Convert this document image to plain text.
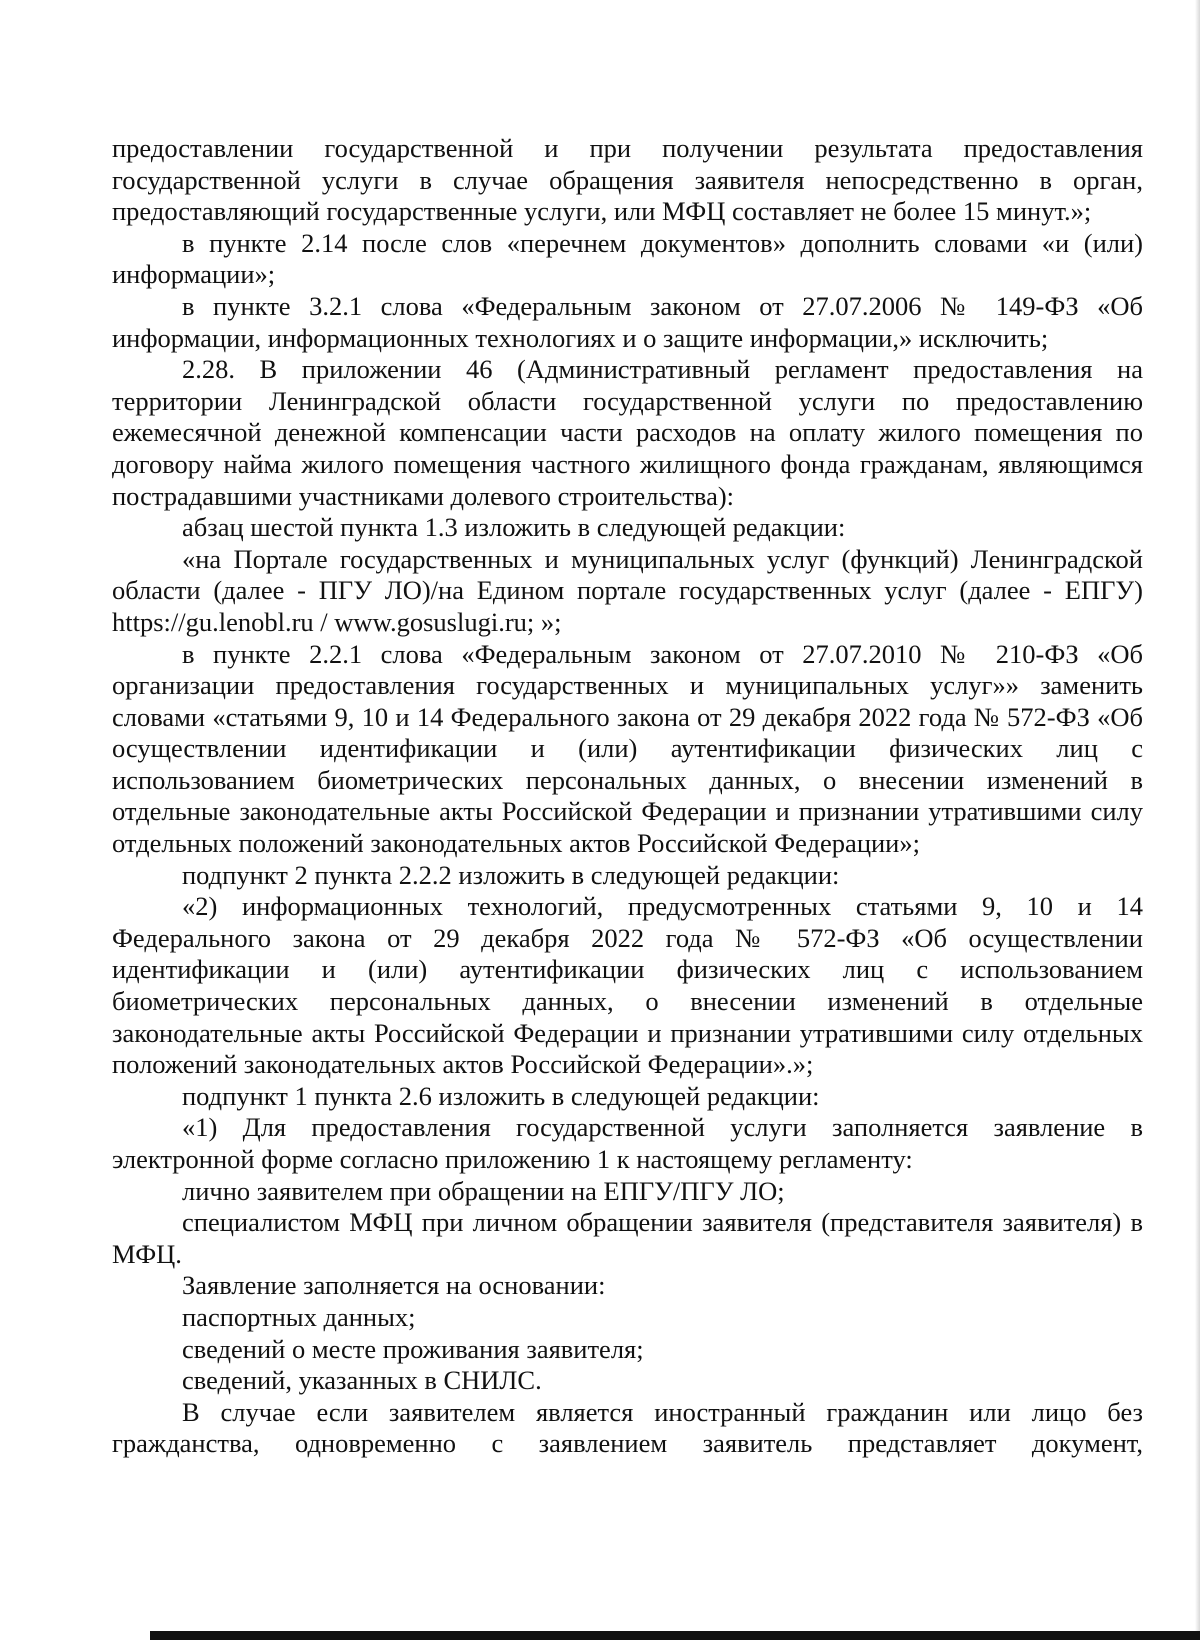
предоставлении государственной и при получении результата предоставления государственной услуги в случае обращения заявителя непосредственно в орган, предоставляющий государственные услуги, или МФЦ составляет не более 15 минут.»;

в пункте 2.14 после слов «перечнем документов» дополнить словами «и (или) информации»;

в пункте 3.2.1 слова «Федеральным законом от 27.07.2006 № 149-ФЗ «Об информации, информационных технологиях и о защите информации,» исключить;

2.28. В приложении 46 (Административный регламент предоставления на территории Ленинградской области государственной услуги по предоставлению ежемесячной денежной компенсации части расходов на оплату жилого помещения по договору найма жилого помещения частного жилищного фонда гражданам, являющимся пострадавшими участниками долевого строительства):

абзац шестой пункта 1.3 изложить в следующей редакции:

«на Портале государственных и муниципальных услуг (функций) Ленинградской области (далее - ПГУ ЛО)/на Едином портале государственных услуг (далее - ЕПГУ) https://gu.lenobl.ru / www.gosuslugi.ru; »;

в пункте 2.2.1 слова «Федеральным законом от 27.07.2010 № 210-ФЗ «Об организации предоставления государственных и муниципальных услуг»» заменить словами «статьями 9, 10 и 14 Федерального закона от 29 декабря 2022 года № 572-ФЗ «Об осуществлении идентификации и (или) аутентификации физических лиц с использованием биометрических персональных данных, о внесении изменений в отдельные законодательные акты Российской Федерации и признании утратившими силу отдельных положений законодательных актов Российской Федерации»;

подпункт 2 пункта 2.2.2 изложить в следующей редакции:

«2) информационных технологий, предусмотренных статьями 9, 10 и 14 Федерального закона от 29 декабря 2022 года № 572-ФЗ «Об осуществлении идентификации и (или) аутентификации физических лиц с использованием биометрических персональных данных, о внесении изменений в отдельные законодательные акты Российской Федерации и признании утратившими силу отдельных положений законодательных актов Российской Федерации».»;

подпункт 1 пункта 2.6 изложить в следующей редакции:

«1) Для предоставления государственной услуги заполняется заявление в электронной форме согласно приложению 1 к настоящему регламенту:

лично заявителем при обращении на ЕПГУ/ПГУ ЛО;

специалистом МФЦ при личном обращении заявителя (представителя заявителя) в МФЦ.

Заявление заполняется на основании:

паспортных данных;

сведений о месте проживания заявителя;

сведений, указанных в СНИЛС.

В случае если заявителем является иностранный гражданин или лицо без гражданства, одновременно с заявлением заявитель представляет документ,
